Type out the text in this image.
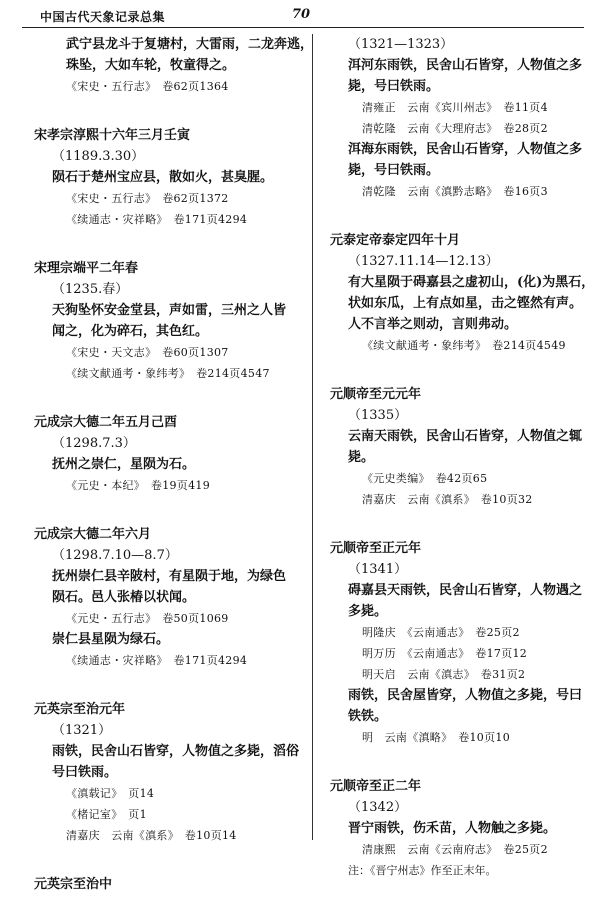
中国古代天象记录总集	70
武宁县龙斗于复塘村，大雷雨，二龙奔逃，
珠坠，大如车轮，牧童得之。
《宋史・五行志》　卷62页1364
宋孝宗淳熙十六年三月壬寅
（1189.3.30）
陨石于楚州宝应县，散如火，甚臭腥。
《宋史・五行志》　卷62页1372
《续通志・灾祥略》　卷171页4294
宋理宗端平二年春
（1235.春）
天狗坠怀安金堂县，声如雷，三州之人皆
闻之，化为碎石，其色红。
《宋史・天文志》　卷60页1307
《续文献通考・象纬考》　卷214页4547
元成宗大德二年五月己酉
（1298.7.3）
抚州之崇仁，星陨为石。
《元史・本纪》　卷19页419
元成宗大德二年六月
（1298.7.10—8.7）
抚州崇仁县辛陂村，有星陨于地，为绿色
陨石。邑人张椿以状闻。
《元史・五行志》　卷50页1069
崇仁县星陨为绿石。
《续通志・灾祥略》　卷171页4294
元英宗至治元年
（1321）
雨铁，民舍山石皆穿，人物值之多毙，滔俗
号曰铁雨。
《滇载记》　页14
《楮记室》　页1
清嘉庆　云南《滇系》　卷10页14
元英宗至治中
（1321—1323）
洱河东雨铁，民舍山石皆穿，人物值之多
毙，号曰铁雨。
清雍正　云南《宾川州志》　卷11页4
清乾隆　云南《大理府志》　卷28页2
洱海东雨铁，民舍山石皆穿，人物值之多
毙，号曰铁雨。
清乾隆　云南《滇黔志略》　卷16页3
元泰定帝泰定四年十月
（1327.11.14—12.13）
有大星陨于碍嘉县之虚初山，(化)为黑石，
状如东瓜，上有点如星，击之铿然有声。
人不言举之则动，言则弗动。
《续文献通考・象纬考》　卷214页4549
元顺帝至元元年
（1335）
云南天雨铁，民舍山石皆穿，人物值之辄
毙。
《元史类编》　卷42页65
清嘉庆　云南《滇系》　卷10页32
元顺帝至正元年
（1341）
碍嘉县天雨铁，民舍山石皆穿，人物遇之
多毙。
明隆庆　《云南通志》　卷25页2
明万历　《云南通志》　卷17页12
明天启　云南《滇志》　卷31页2
雨铁，民舍屋皆穿，人物值之多毙，号曰
铁铁。
明　云南《滇略》　卷10页10
元顺帝至正二年
（1342）
晋宁雨铁，伤禾苗，人物触之多毙。
清康熙　云南《云南府志》　卷25页2
注：《晋宁州志》作至正末年。
